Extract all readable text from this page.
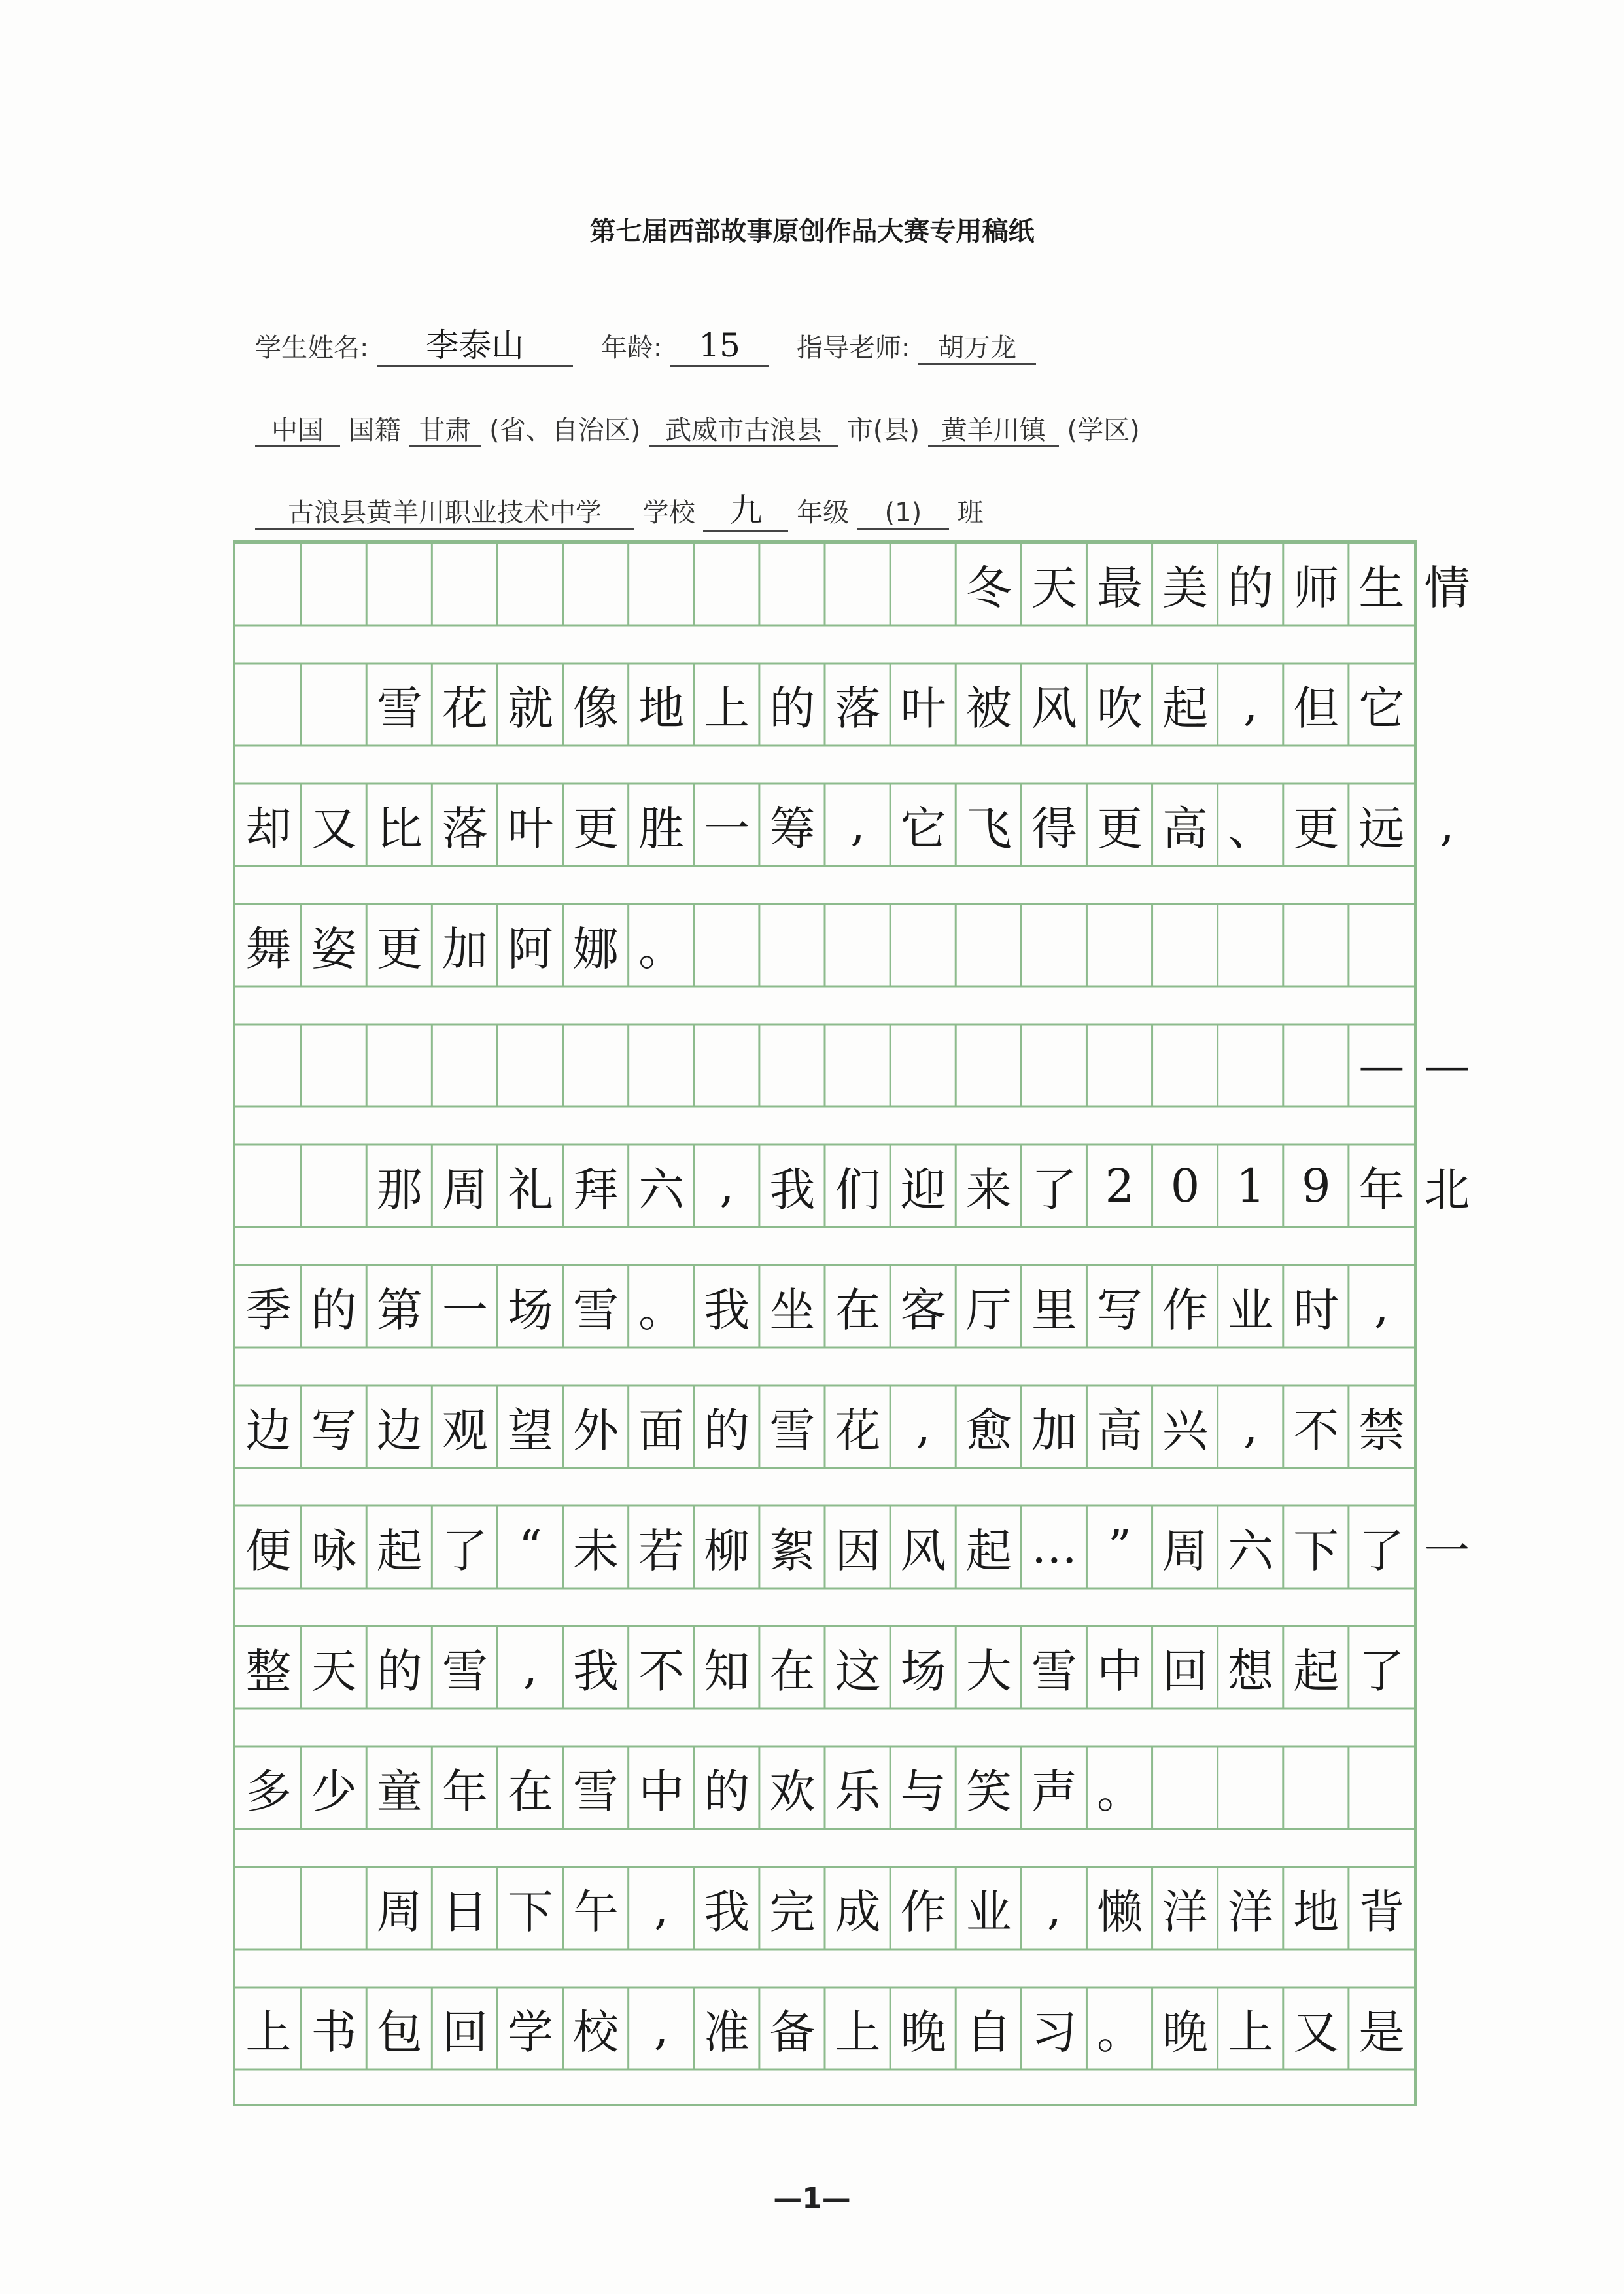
第七届西部故事原创作品大赛专用稿纸
学生姓名: 李泰山	年龄: 15 指导老师: 胡万龙
中国 国籍 甘肃 (省、自治区) 武威市古浪县 市(县) 黄羊川镇 (学区)
古浪县黄羊川职业技术中学 学校 九 年级 (1) 班
冬 天 最 美 的 师 生 情
雪 花 就 像 地 上 的 落 叶 被 风 吹 起 , 但 它
却 又 比 落 叶 更 胜 一 筹 , 它 飞 得 更 高 、 更 远 ,
舞 姿 更 加 阿 娜 。
— —
那 周 礼 拜 六 , 我 们 迎 来 了 2 0 1 9 年 北
季 的 第 一 场 雪 。 我 坐 在 客 厅 里 写 作 业 时 ,
边 写 边 观 望 外 面 的 雪 花 , 愈 加 高 兴 , 不 禁
便 咏 起 了 “ 未 若 柳 絮 因 风 起 … ” 周 六 下 了 一
整 天 的 雪 , 我 不 知 在 这 场 大 雪 中 回 想 起 了
多 少 童 年 在 雪 中 的 欢 乐 与 笑 声 。
周 日 下 午 , 我 完 成 作 业 , 懒 洋 洋 地 背
上 书 包 回 学 校 , 准 备 上 晚 自 习 。 晚 上 又 是
—1—
